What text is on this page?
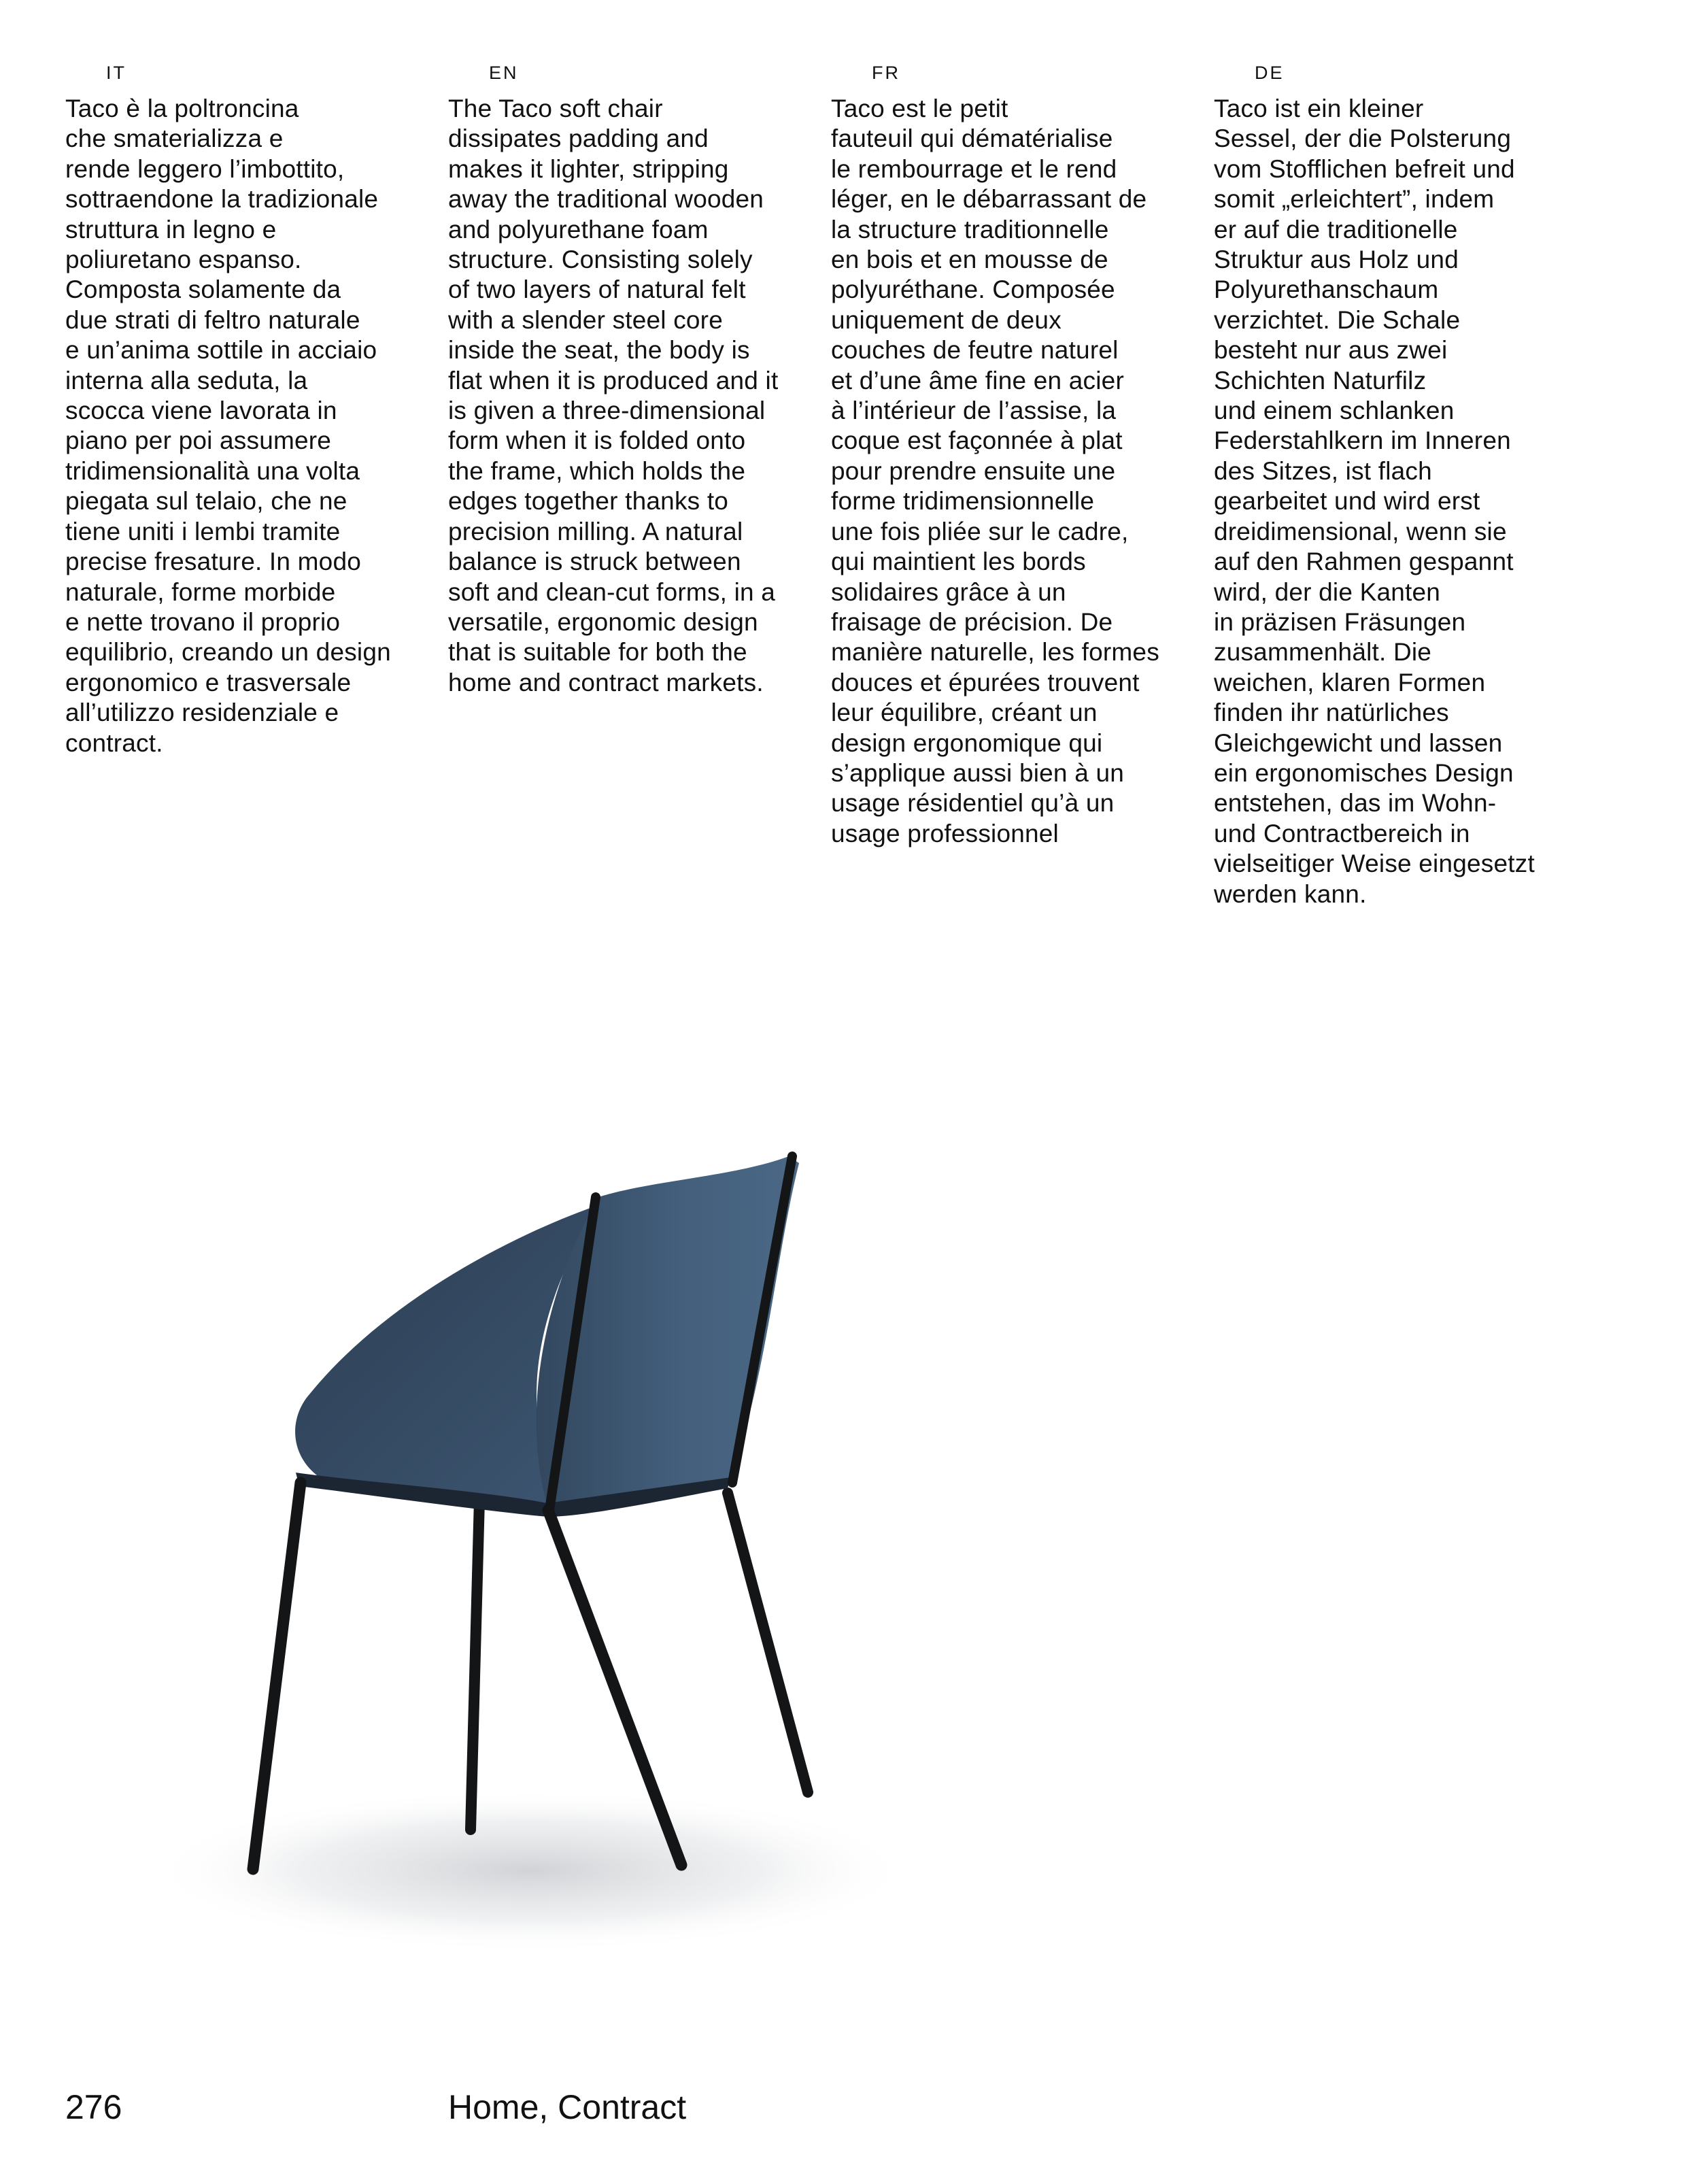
IT

Taco è la poltroncina
che smaterializza e
rende leggero l’imbottito,
sottraendone la tradizionale
struttura in legno e
poliuretano espanso.
Composta solamente da
due strati di feltro naturale
e un’anima sottile in acciaio
interna alla seduta, la
scocca viene lavorata in
piano per poi assumere
tridimensionalità una volta
piegata sul telaio, che ne
tiene uniti i lembi tramite
precise fresature. In modo
naturale, forme morbide
e nette trovano il proprio
equilibrio, creando un design
ergonomico e trasversale
all’utilizzo residenziale e
contract.

EN

The Taco soft chair
dissipates padding and
makes it lighter, stripping
away the traditional wooden
and polyurethane foam
structure. Consisting solely
of two layers of natural felt
with a slender steel core
inside the seat, the body is
flat when it is produced and it
is given a three-dimensional
form when it is folded onto
the frame, which holds the
edges together thanks to
precision milling. A natural
balance is struck between
soft and clean-cut forms, in a
versatile, ergonomic design
that is suitable for both the
home and contract markets.

FR

Taco est le petit
fauteuil qui dématérialise
le rembourrage et le rend
léger, en le débarrassant de
la structure traditionnelle
en bois et en mousse de
polyuréthane. Composée
uniquement de deux
couches de feutre naturel
et d’une âme fine en acier
à l’intérieur de l’assise, la
coque est façonnée à plat
pour prendre ensuite une
forme tridimensionnelle
une fois pliée sur le cadre,
qui maintient les bords
solidaires grâce à un
fraisage de précision. De
manière naturelle, les formes
douces et épurées trouvent
leur équilibre, créant un
design ergonomique qui
s’applique aussi bien à un
usage résidentiel qu’à un
usage professionnel

DE

Taco ist ein kleiner
Sessel, der die Polsterung
vom Stofflichen befreit und
somit „erleichtert”, indem
er auf die traditionelle
Struktur aus Holz und
Polyurethanschaum
verzichtet. Die Schale
besteht nur aus zwei
Schichten Naturfilz
und einem schlanken
Federstahlkern im Inneren
des Sitzes, ist flach
gearbeitet und wird erst
dreidimensional, wenn sie
auf den Rahmen gespannt
wird, der die Kanten
in präzisen Fräsungen
zusammenhält. Die
weichen, klaren Formen
finden ihr natürliches
Gleichgewicht und lassen
ein ergonomisches Design
entstehen, das im Wohn-
und Contractbereich in
vielseitiger Weise eingesetzt
werden kann.

276	Home, Contract
